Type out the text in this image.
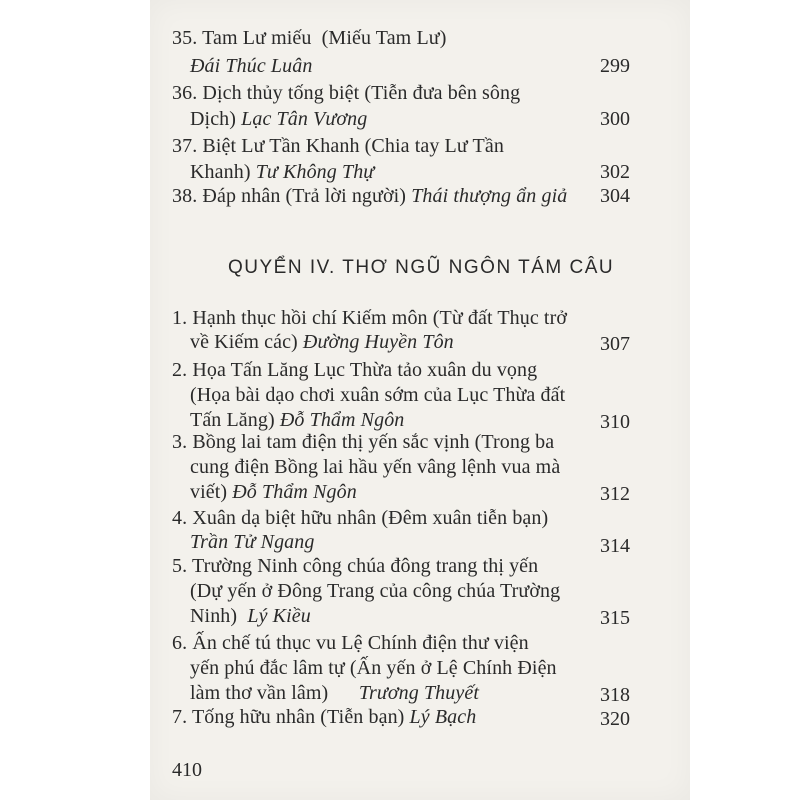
35. Tam Lư miếu (Miếu Tam Lư)
Đái Thúc Luân	299
36. Dịch thủy tống biệt (Tiễn đưa bên sông
Dịch) Lạc Tân Vương	300
37. Biệt Lư Tần Khanh (Chia tay Lư Tần
Khanh) Tư Không Thự	302
38. Đáp nhân (Trả lời người) Thái thượng ẩn giả 304
QUYỂN IV. THƠ NGŨ NGÔN TÁM CÂU
1. Hạnh thục hồi chí Kiếm môn (Từ đất Thục trở
về Kiếm các) Đường Huyền Tôn	307
2. Họa Tấn Lăng Lục Thừa tảo xuân du vọng
(Họa bài dạo chơi xuân sớm của Lục Thừa đất
Tấn Lăng) Đỗ Thẩm Ngôn	310
3. Bồng lai tam điện thị yến sắc vịnh (Trong ba
cung điện Bồng lai hầu yến vâng lệnh vua mà
viết) Đỗ Thẩm Ngôn	312
4. Xuân dạ biệt hữu nhân (Đêm xuân tiễn bạn)
Trần Tử Ngang	314
5. Trường Ninh công chúa đông trang thị yến
(Dự yến ở Đông Trang của công chúa Trường
Ninh) Lý Kiều	315
6. Ấn chế tú thục vu Lệ Chính điện thư viện
yến phú đắc lâm tự (Ấn yến ở Lệ Chính Điện
làm thơ vần lâm) Trương Thuyết	318
7. Tống hữu nhân (Tiễn bạn) Lý Bạch	320
410
